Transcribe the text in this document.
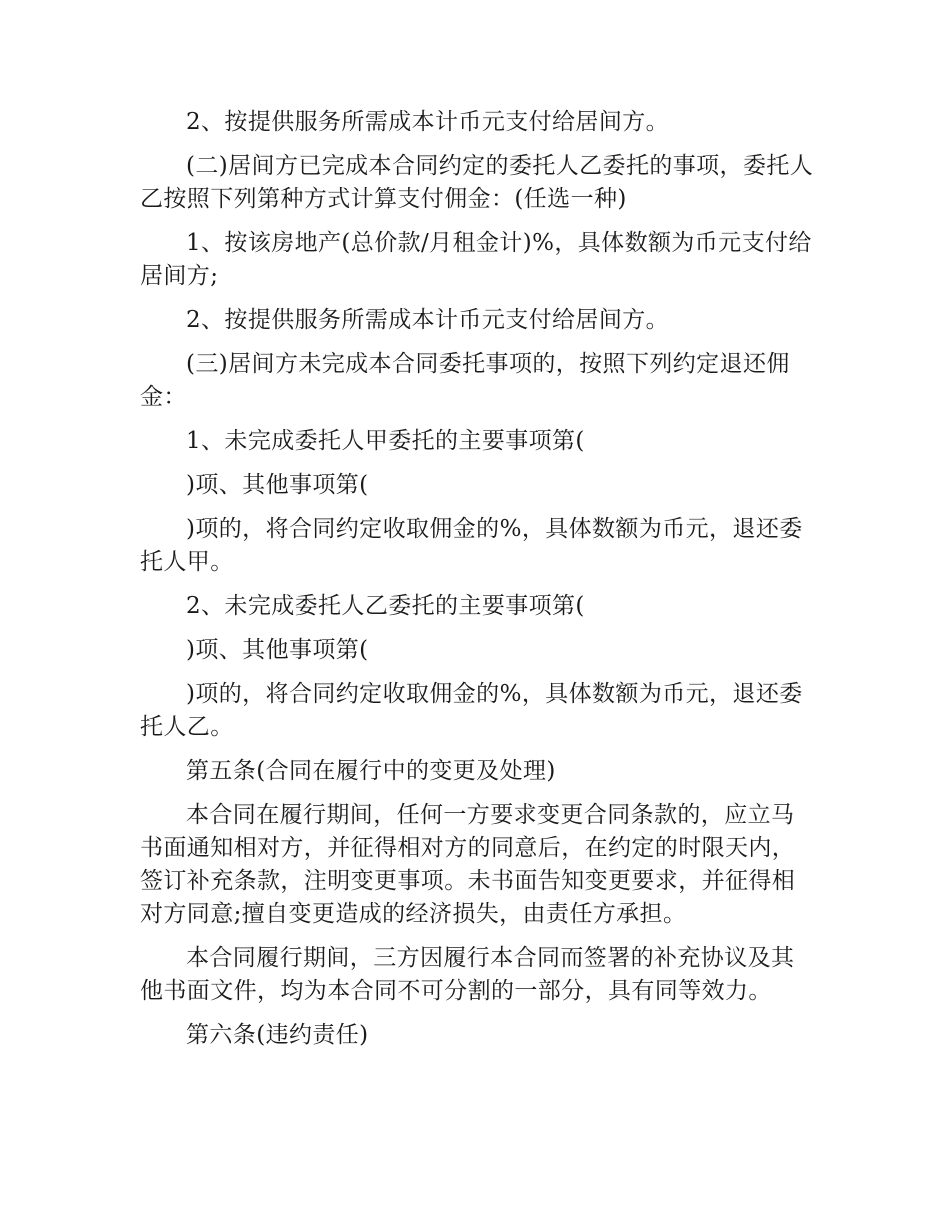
2、按提供服务所需成本计币元支付给居间方。

(二)居间方已完成本合同约定的委托人乙委托的事项，委托人乙按照下列第种方式计算支付佣金：(任选一种)

1、按该房地产(总价款/月租金计)%，具体数额为币元支付给居间方;

2、按提供服务所需成本计币元支付给居间方。

(三)居间方未完成本合同委托事项的，按照下列约定退还佣金：

1、未完成委托人甲委托的主要事项第(

)项、其他事项第(

)项的，将合同约定收取佣金的%，具体数额为币元，退还委托人甲。

2、未完成委托人乙委托的主要事项第(

)项、其他事项第(

)项的，将合同约定收取佣金的%，具体数额为币元，退还委托人乙。

第五条(合同在履行中的变更及处理)

本合同在履行期间，任何一方要求变更合同条款的，应立马书面通知相对方，并征得相对方的同意后，在约定的时限天内，签订补充条款，注明变更事项。未书面告知变更要求，并征得相对方同意;擅自变更造成的经济损失，由责任方承担。

本合同履行期间，三方因履行本合同而签署的补充协议及其他书面文件，均为本合同不可分割的一部分，具有同等效力。

第六条(违约责任)
